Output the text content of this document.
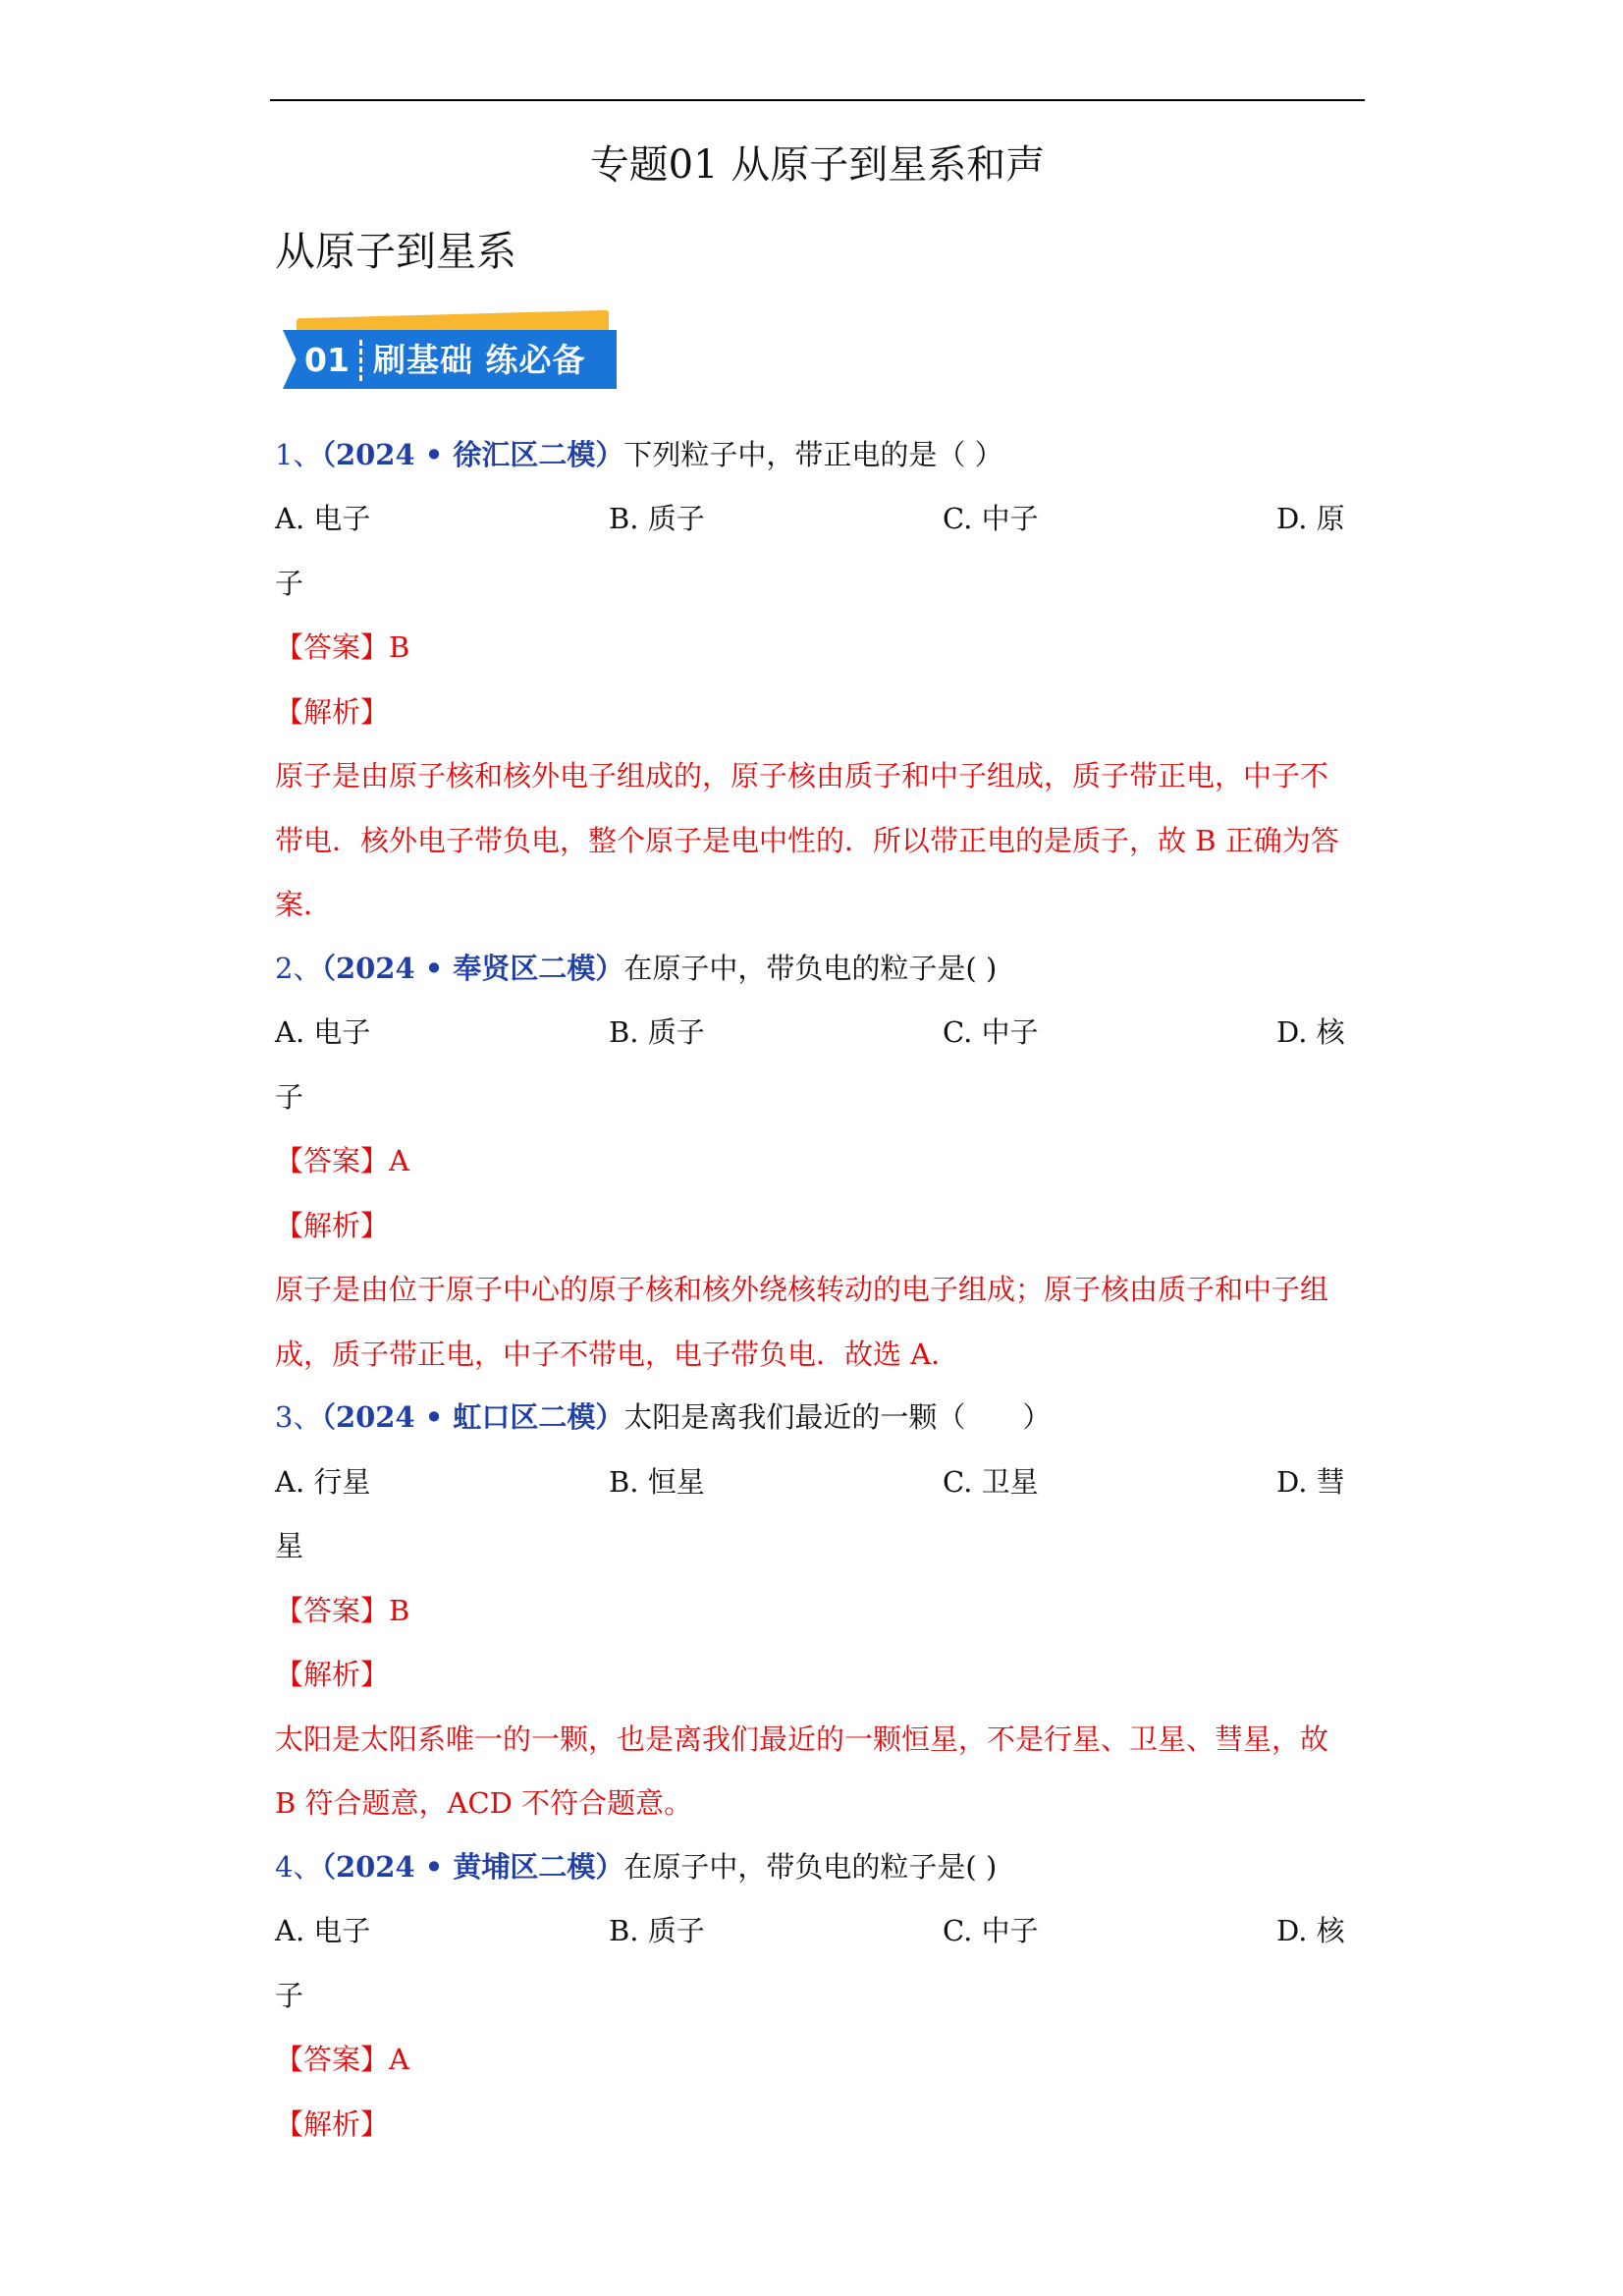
专题01 从原子到星系和声
从原子到星系
01 刷基础 练必备
1、（2024 • 徐汇区二模）下列粒子中，带正电的是（ ）
A. 电子	B. 质子	C. 中子	D. 原
子
【答案】B
【解析】
原子是由原子核和核外电子组成的，原子核由质子和中子组成，质子带正电，中子不
带电．核外电子带负电，整个原子是电中性的．所以带正电的是质子，故 B 正确为答
案．
2、（2024 • 奉贤区二模）在原子中，带负电的粒子是( )
A. 电子	B. 质子	C. 中子	D. 核
子
【答案】A
【解析】
原子是由位于原子中心的原子核和核外绕核转动的电子组成；原子核由质子和中子组
成，质子带正电，中子不带电，电子带负电．故选 A．
3、（2024 • 虹口区二模）太阳是离我们最近的一颗（　　）
A. 行星	B. 恒星	C. 卫星	D. 彗
星
【答案】B
【解析】
太阳是太阳系唯一的一颗，也是离我们最近的一颗恒星，不是行星、卫星、彗星，故
B 符合题意，ACD 不符合题意。
4、（2024 • 黄埔区二模）在原子中，带负电的粒子是( )
A. 电子	B. 质子	C. 中子	D. 核
子
【答案】A
【解析】
